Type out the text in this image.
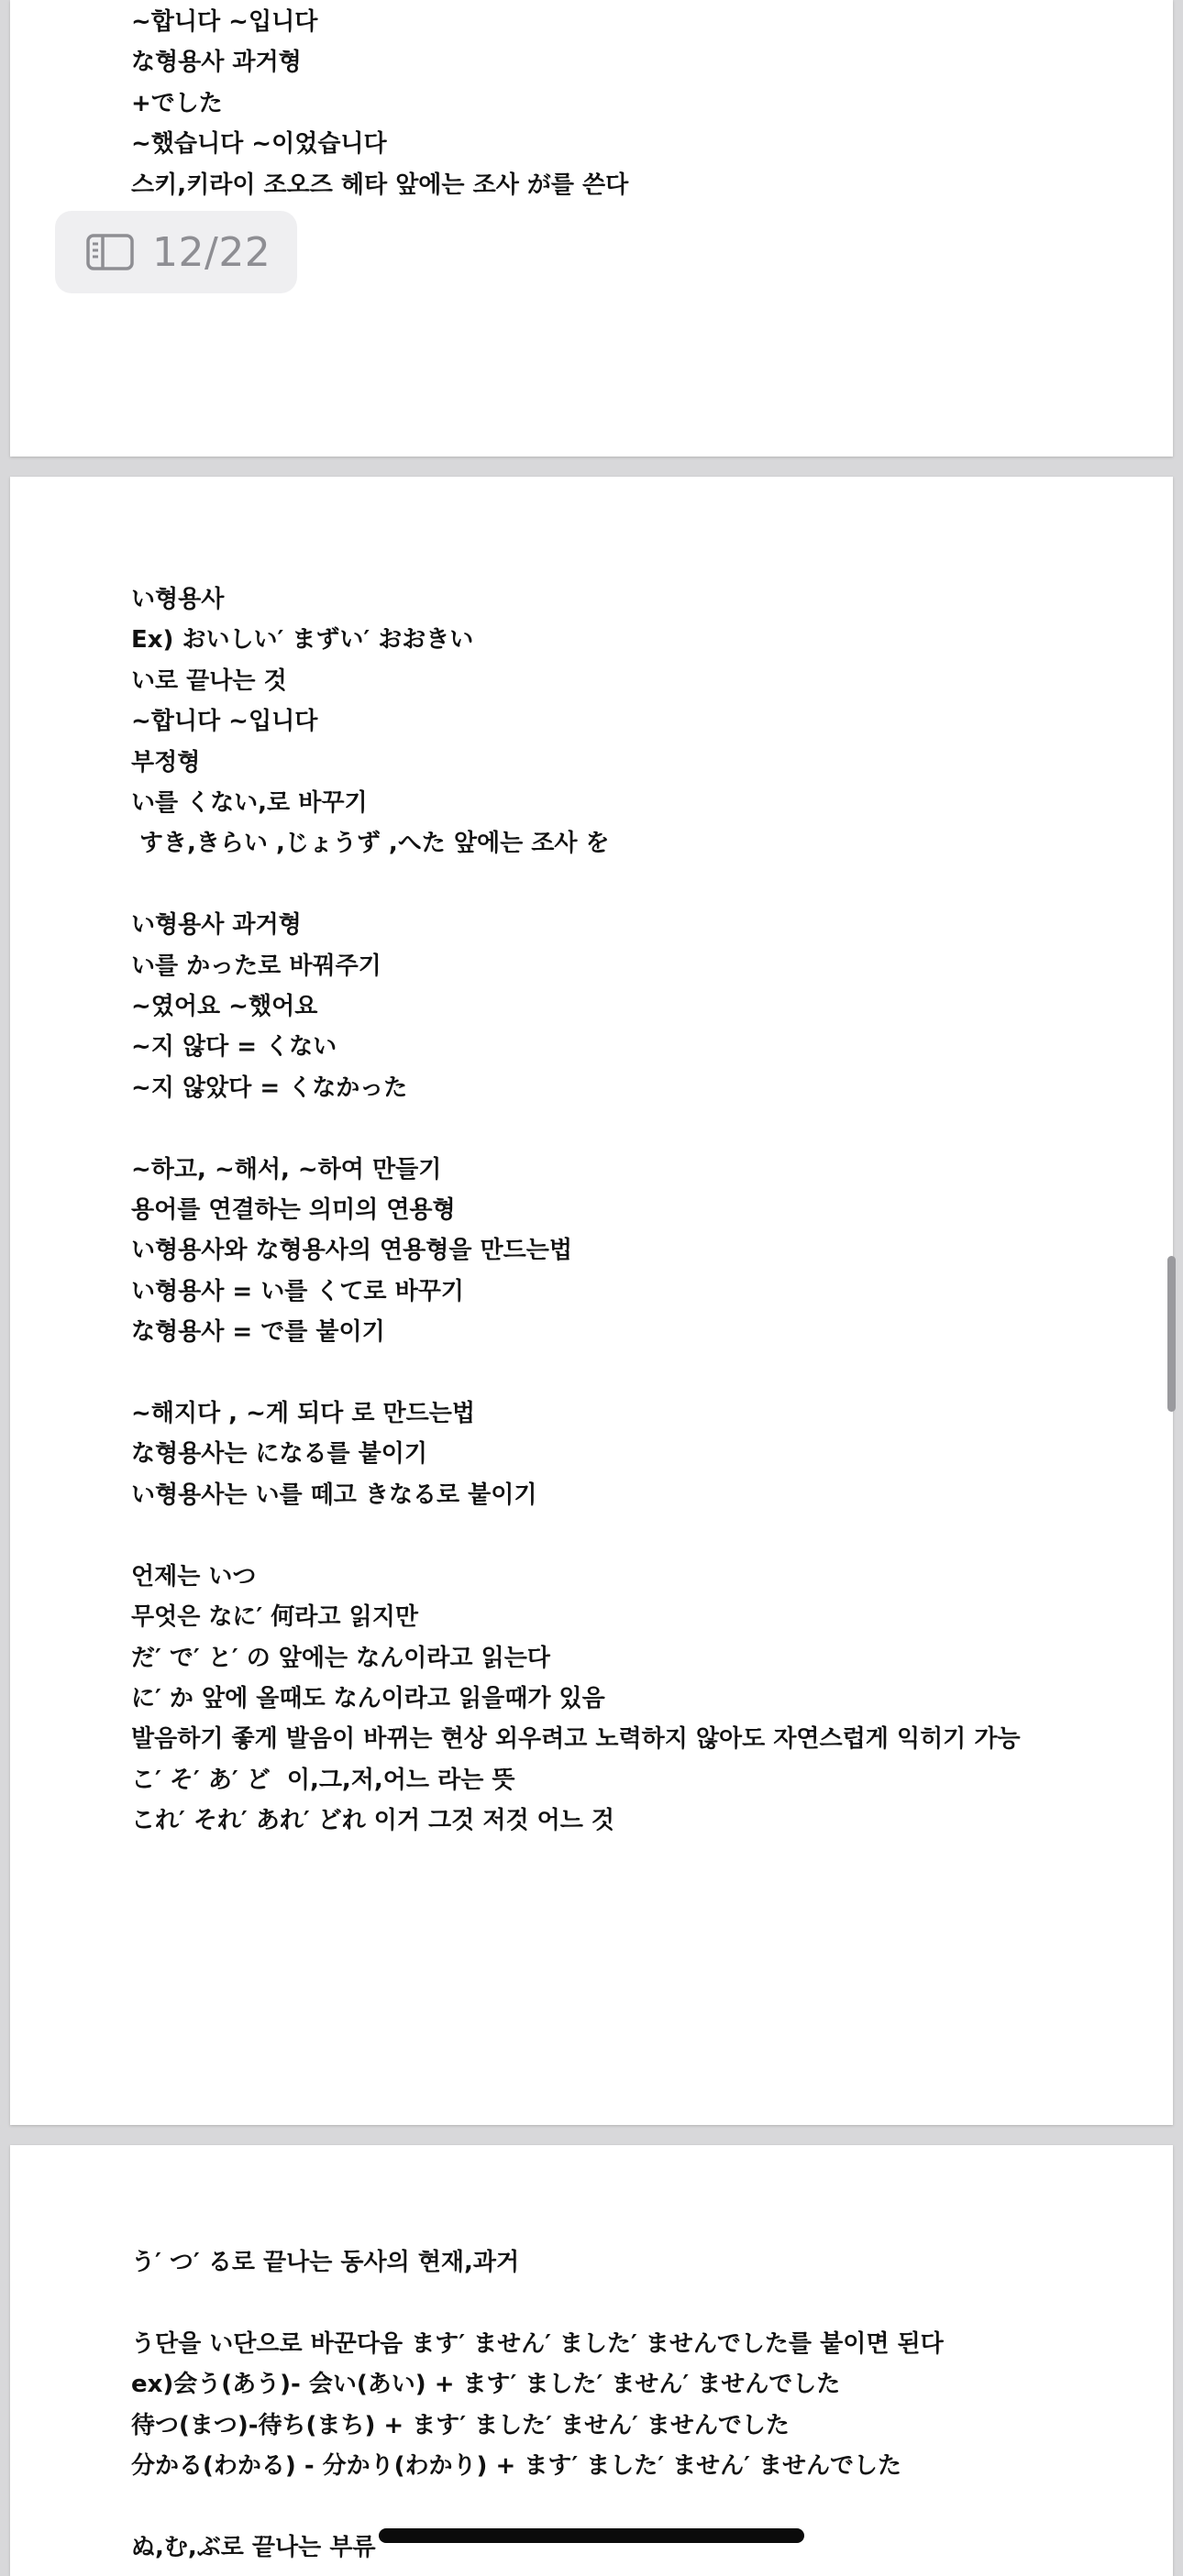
~합니다 ~입니다
な형용사 과거형
+でした
~했습니다 ~이었습니다
스키,키라이 조오즈 헤타 앞에는 조사 が를 쓴다
い형용사
Ex) おいしい′ まずい′ おおきい
い로 끝나는 것
~합니다 ~입니다
부정형
い를 くない,로 바꾸기
すき,きらい ,じょうず ,へた 앞에는 조사 を
い형용사 과거형
い를 かった로 바꿔주기
~였어요 ~했어요
~지 않다 = くない
~지 않았다 = くなかった
~하고, ~해서, ~하여 만들기
용어를 연결하는 의미의 연용형
い형용사와 な형용사의 연용형을 만드는법
い형용사 = い를 くて로 바꾸기
な형용사 = で를 붙이기
~해지다 , ~게 되다 로 만드는법
な형용사는 になる를 붙이기
い형용사는 い를 떼고 きなる로 붙이기
언제는 いつ
무엇은 なに′ 何라고 읽지만
だ′ で′ と′ の 앞에는 なん이라고 읽는다
に′ か 앞에 올때도 なん이라고 읽을때가 있음
발음하기 좋게 발음이 바뀌는 현상 외우려고 노력하지 않아도 자연스럽게 익히기 가능
こ′ そ′ あ′ ど  이,그,저,어느 라는 뜻
これ′ それ′ あれ′ どれ 이거 그것 저것 어느 것
う′ つ′ る로 끝나는 동사의 현재,과거
う단을 い단으로 바꾼다음 ます′ ません′ ました′ ませんでした를 붙이면 된다
ex)会う(あう)- 会い(あい) + ます′ ました′ ません′ ませんでした
待つ(まつ)-待ち(まち) + ます′ ました′ ません′ ませんでした
分かる(わかる) - 分かり(わかり) + ます′ ました′ ません′ ませんでした
ぬ,む,ぶ로 끝나는 부류
12/22
